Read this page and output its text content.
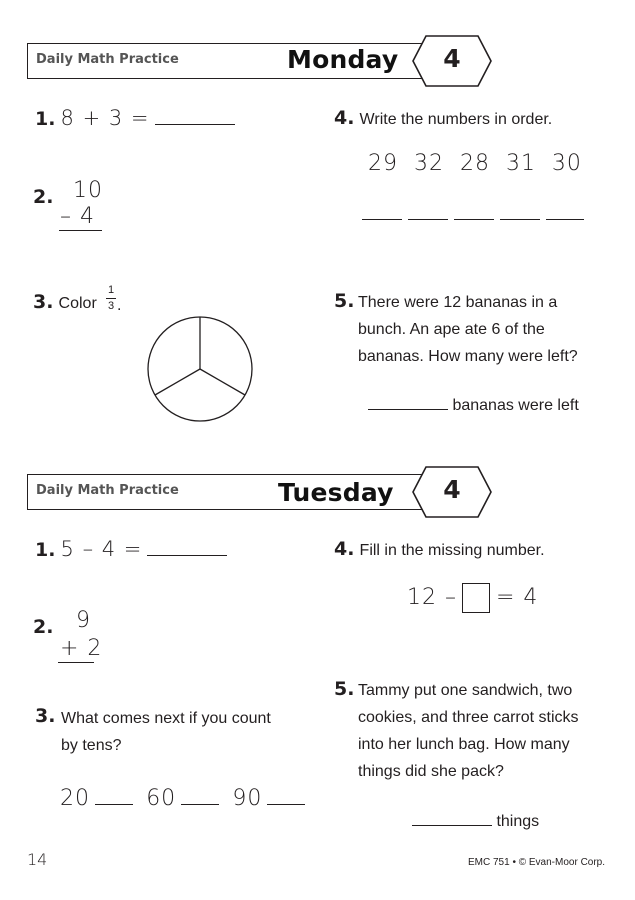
Daily Math Practice	Monday	4
1. 8 + 3 =
2. 10
– 4
3. Color
1
3 .
4. Write the numbers in order.
29  32  28  31  30
5. There were 12 bananas in a
bunch. An ape ate 6 of the
bananas. How many were left?
bananas were left
Daily Math Practice	Tuesday	4
1. 5 – 4 =
2. 9
+ 2
3. What comes next if you count
by tens?
20	60	90
4. Fill in the missing number.
12 – = 4
5. Tammy put one sandwich, two
cookies, and three carrot sticks
into her lunch bag. How many
things did she pack?
things
14	EMC 751 • © Evan-Moor Corp.
